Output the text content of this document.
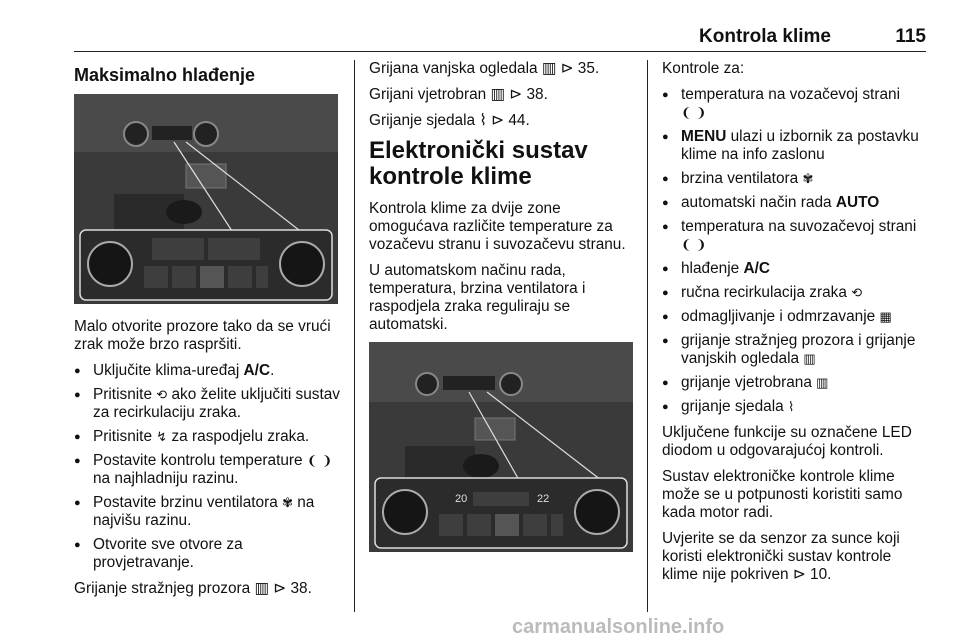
Kontrola klime	115
Maksimalno hlađenje

Malo otvorite prozore tako da se vrući zrak može brzo raspršiti.

● Uključite klima-uređaj A/C.
● Pritisnite ⟲ ako želite uključiti sustav za recirkulaciju zraka.
● Pritisnite ↯ za raspodjelu zraka.
● Postavite kontrolu temperature ❨ ❩ na najhladniju razinu.
● Postavite brzinu ventilatora ✾ na najvišu razinu.
● Otvorite sve otvore za provjetravanje.

Grijanje stražnjeg prozora ▥ ⊳ 38.

Grijana vanjska ogledala ▥ ⊳ 35.

Grijani vjetrobran ▥ ⊳ 38.

Grijanje sjedala ⌇ ⊳ 44.

Elektronički sustav kontrole klime

Kontrola klime za dvije zone omogućava različite temperature za vozačevu stranu i suvozačevu stranu.

U automatskom načinu rada, temperatura, brzina ventilatora i raspodjela zraka reguliraju se automatski.

20	22

Kontrole za:

● temperatura na vozačevoj strani ❨ ❩
● MENU ulazi u izbornik za postavku klime na info zaslonu
● brzina ventilatora ✾
● automatski način rada AUTO
● temperatura na suvozačevoj strani ❨ ❩
● hlađenje A/C
● ručna recirkulacija zraka ⟲
● odmagljivanje i odmrzavanje ▦
● grijanje stražnjeg prozora i grijanje vanjskih ogledala ▥
● grijanje vjetrobrana ▥
● grijanje sjedala ⌇

Uključene funkcije su označene LED diodom u odgovarajućoj kontroli.

Sustav elektroničke kontrole klime može se u potpunosti koristiti samo kada motor radi.

Uvjerite se da senzor za sunce koji koristi elektronički sustav kontrole klime nije pokriven ⊳ 10.

carmanualsonline.info
